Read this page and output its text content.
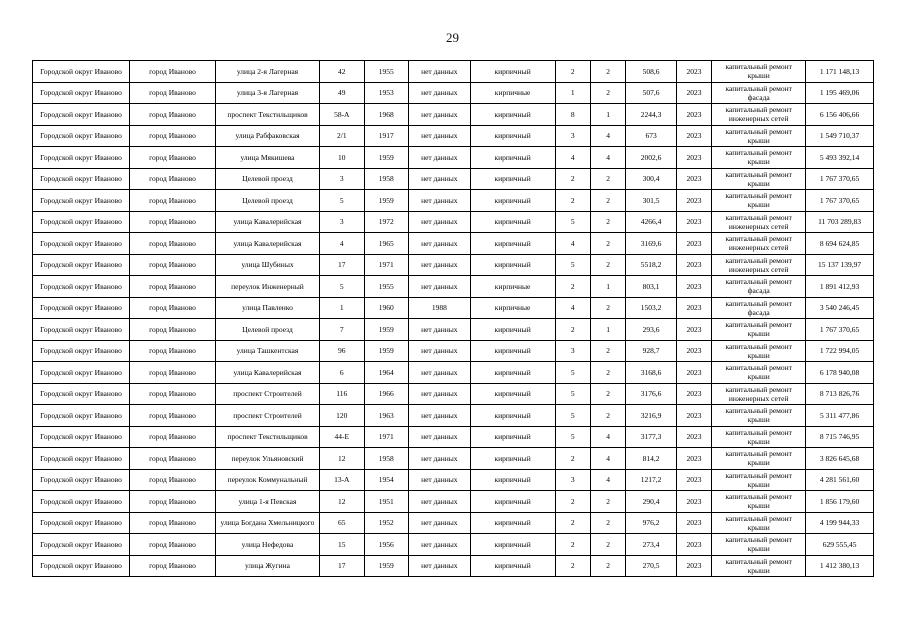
29
Городской округ Иваново	город Иваново	улица 2-я Лагерная	42	1955	нет данных	кирпичный	2	2	508,6	2023	капитальный ремонт крыши	1 171 148,13
Городской округ Иваново	город Иваново	улица 3-я Лагерная	49	1953	нет данных	кирпичные	1	2	507,6	2023	капитальный ремонт фасада	1 195 469,06
Городской округ Иваново	город Иваново	проспект Текстильщиков	58-А	1968	нет данных	кирпичный	8	1	2244,3	2023	капитальный ремонт инженерных сетей	6 156 406,66
Городской округ Иваново	город Иваново	улица Рабфаковская	2/1	1917	нет данных	кирпичный	3	4	673	2023	капитальный ремонт крыши	1 549 710,37
Городской округ Иваново	город Иваново	улица Мякишева	10	1959	нет данных	кирпичный	4	4	2002,6	2023	капитальный ремонт крыши	5 493 392,14
Городской округ Иваново	город Иваново	Целевой проезд	3	1958	нет данных	кирпичный	2	2	300,4	2023	капитальный ремонт крыши	1 767 370,65
Городской округ Иваново	город Иваново	Целевой проезд	5	1959	нет данных	кирпичный	2	2	301,5	2023	капитальный ремонт крыши	1 767 370,65
Городской округ Иваново	город Иваново	улица Кавалерийская	3	1972	нет данных	кирпичный	5	2	4266,4	2023	капитальный ремонт инженерных сетей	11 703 289,83
Городской округ Иваново	город Иваново	улица Кавалерийская	4	1965	нет данных	кирпичный	4	2	3169,6	2023	капитальный ремонт инженерных сетей	8 694 624,85
Городской округ Иваново	город Иваново	улица Шубиных	17	1971	нет данных	кирпичный	5	2	5518,2	2023	капитальный ремонт инженерных сетей	15 137 139,97
Городской округ Иваново	город Иваново	переулок Инженерный	5	1955	нет данных	кирпичные	2	1	803,1	2023	капитальный ремонт фасада	1 891 412,93
Городской округ Иваново	город Иваново	улица Павленко	1	1960	1988	кирпичные	4	2	1503,2	2023	капитальный ремонт фасада	3 540 246,45
Городской округ Иваново	город Иваново	Целевой проезд	7	1959	нет данных	кирпичный	2	1	293,6	2023	капитальный ремонт крыши	1 767 370,65
Городской округ Иваново	город Иваново	улица Ташкентская	96	1959	нет данных	кирпичный	3	2	928,7	2023	капитальный ремонт крыши	1 722 994,05
Городской округ Иваново	город Иваново	улица Кавалерийская	6	1964	нет данных	кирпичный	5	2	3168,6	2023	капитальный ремонт крыши	6 178 940,08
Городской округ Иваново	город Иваново	проспект Строителей	116	1966	нет данных	кирпичный	5	2	3176,6	2023	капитальный ремонт инженерных сетей	8 713 826,76
Городской округ Иваново	город Иваново	проспект Строителей	120	1963	нет данных	кирпичный	5	2	3216,9	2023	капитальный ремонт крыши	5 311 477,86
Городской округ Иваново	город Иваново	проспект Текстильщиков	44-Е	1971	нет данных	кирпичный	5	4	3177,3	2023	капитальный ремонт крыши	8 715 746,95
Городской округ Иваново	город Иваново	переулок Ульяновский	12	1958	нет данных	кирпичный	2	4	814,2	2023	капитальный ремонт крыши	3 826 645,68
Городской округ Иваново	город Иваново	переулок Коммунальный	13-А	1954	нет данных	кирпичный	3	4	1217,2	2023	капитальный ремонт крыши	4 281 561,60
Городской округ Иваново	город Иваново	улица 1-я Певская	12	1951	нет данных	кирпичный	2	2	290,4	2023	капитальный ремонт крыши	1 856 179,60
Городской округ Иваново	город Иваново	улица Богдана Хмельницкого	65	1952	нет данных	кирпичный	2	2	976,2	2023	капитальный ремонт крыши	4 199 944,33
Городской округ Иваново	город Иваново	улица Нефедова	15	1956	нет данных	кирпичный	2	2	273,4	2023	капитальный ремонт крыши	629 555,45
Городской округ Иваново	город Иваново	улица Жугина	17	1959	нет данных	кирпичный	2	2	270,5	2023	капитальный ремонт крыши	1 412 380,13
